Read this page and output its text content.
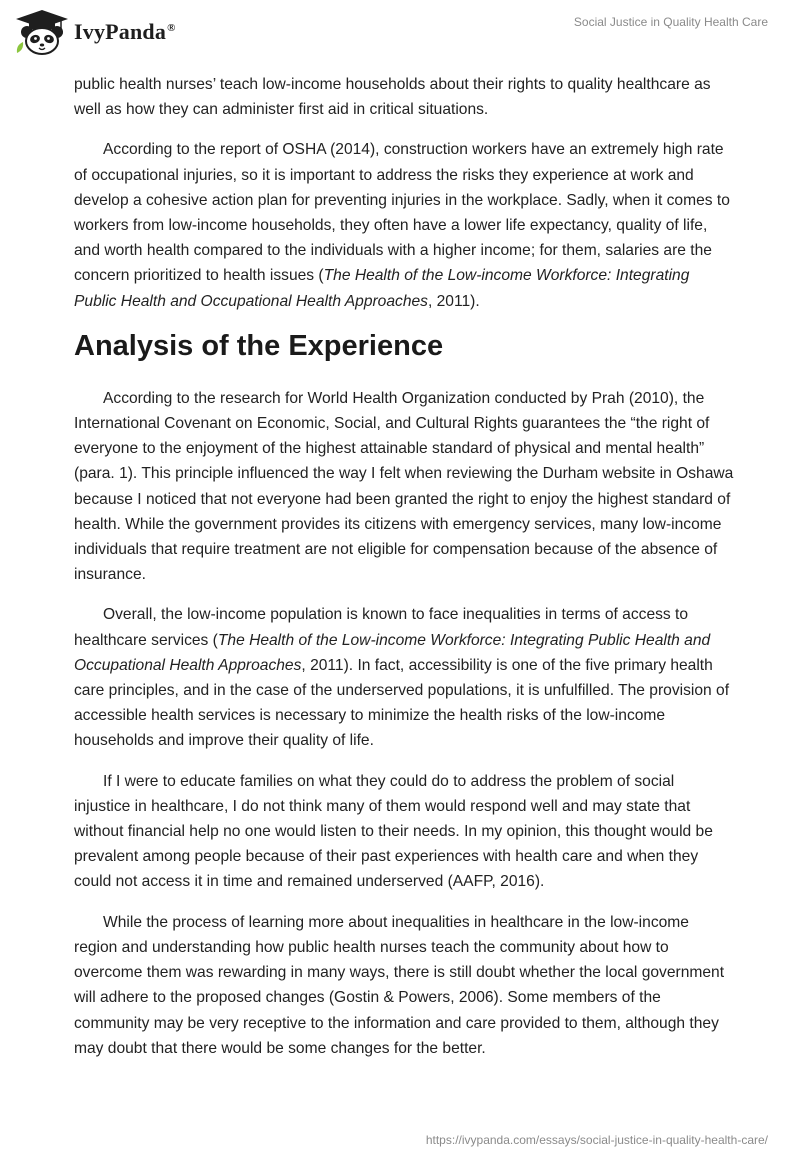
IvyPanda®	Social Justice in Quality Health Care

public health nurses’ teach low-income households about their rights to quality healthcare as well as how they can administer first aid in critical situations.

According to the report of OSHA (2014), construction workers have an extremely high rate of occupational injuries, so it is important to address the risks they experience at work and develop a cohesive action plan for preventing injuries in the workplace. Sadly, when it comes to workers from low-income households, they often have a lower life expectancy, quality of life, and worth health compared to the individuals with a higher income; for them, salaries are the concern prioritized to health issues (The Health of the Low-income Workforce: Integrating Public Health and Occupational Health Approaches, 2011).

Analysis of the Experience

According to the research for World Health Organization conducted by Prah (2010), the International Covenant on Economic, Social, and Cultural Rights guarantees the “the right of everyone to the enjoyment of the highest attainable standard of physical and mental health” (para. 1). This principle influenced the way I felt when reviewing the Durham website in Oshawa because I noticed that not everyone had been granted the right to enjoy the highest standard of health. While the government provides its citizens with emergency services, many low-income individuals that require treatment are not eligible for compensation because of the absence of insurance.

Overall, the low-income population is known to face inequalities in terms of access to healthcare services (The Health of the Low-income Workforce: Integrating Public Health and Occupational Health Approaches, 2011). In fact, accessibility is one of the five primary health care principles, and in the case of the underserved populations, it is unfulfilled. The provision of accessible health services is necessary to minimize the health risks of the low-income households and improve their quality of life.

If I were to educate families on what they could do to address the problem of social injustice in healthcare, I do not think many of them would respond well and may state that without financial help no one would listen to their needs. In my opinion, this thought would be prevalent among people because of their past experiences with health care and when they could not access it in time and remained underserved (AAFP, 2016).

While the process of learning more about inequalities in healthcare in the low-income region and understanding how public health nurses teach the community about how to overcome them was rewarding in many ways, there is still doubt whether the local government will adhere to the proposed changes (Gostin & Powers, 2006). Some members of the community may be very receptive to the information and care provided to them, although they may doubt that there would be some changes for the better.

https://ivypanda.com/essays/social-justice-in-quality-health-care/
